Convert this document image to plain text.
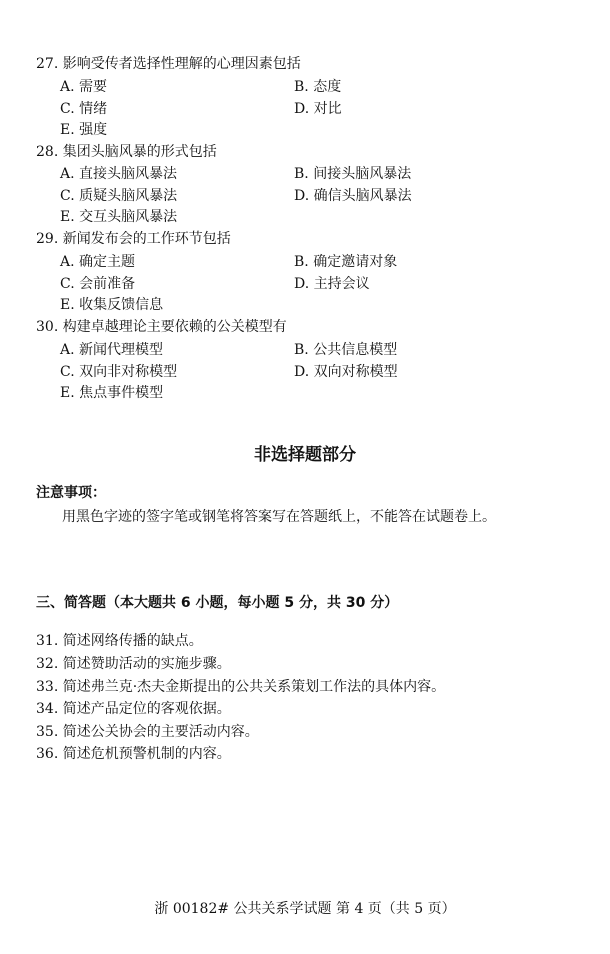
27. 影响受传者选择性理解的心理因素包括
A. 需要	B. 态度
C. 情绪	D. 对比
E. 强度
28. 集团头脑风暴的形式包括
A. 直接头脑风暴法	B. 间接头脑风暴法
C. 质疑头脑风暴法	D. 确信头脑风暴法
E. 交互头脑风暴法
29. 新闻发布会的工作环节包括
A. 确定主题	B. 确定邀请对象
C. 会前准备	D. 主持会议
E. 收集反馈信息
30. 构建卓越理论主要依赖的公关模型有
A. 新闻代理模型	B. 公共信息模型
C. 双向非对称模型	D. 双向对称模型
E. 焦点事件模型
非选择题部分
注意事项：
用黑色字迹的签字笔或钢笔将答案写在答题纸上，不能答在试题卷上。
三、简答题（本大题共 6 小题，每小题 5 分，共 30 分）
31. 简述网络传播的缺点。
32. 简述赞助活动的实施步骤。
33. 简述弗兰克·杰夫金斯提出的公共关系策划工作法的具体内容。
34. 简述产品定位的客观依据。
35. 简述公关协会的主要活动内容。
36. 简述危机预警机制的内容。
浙 00182# 公共关系学试题 第 4 页（共 5 页）
